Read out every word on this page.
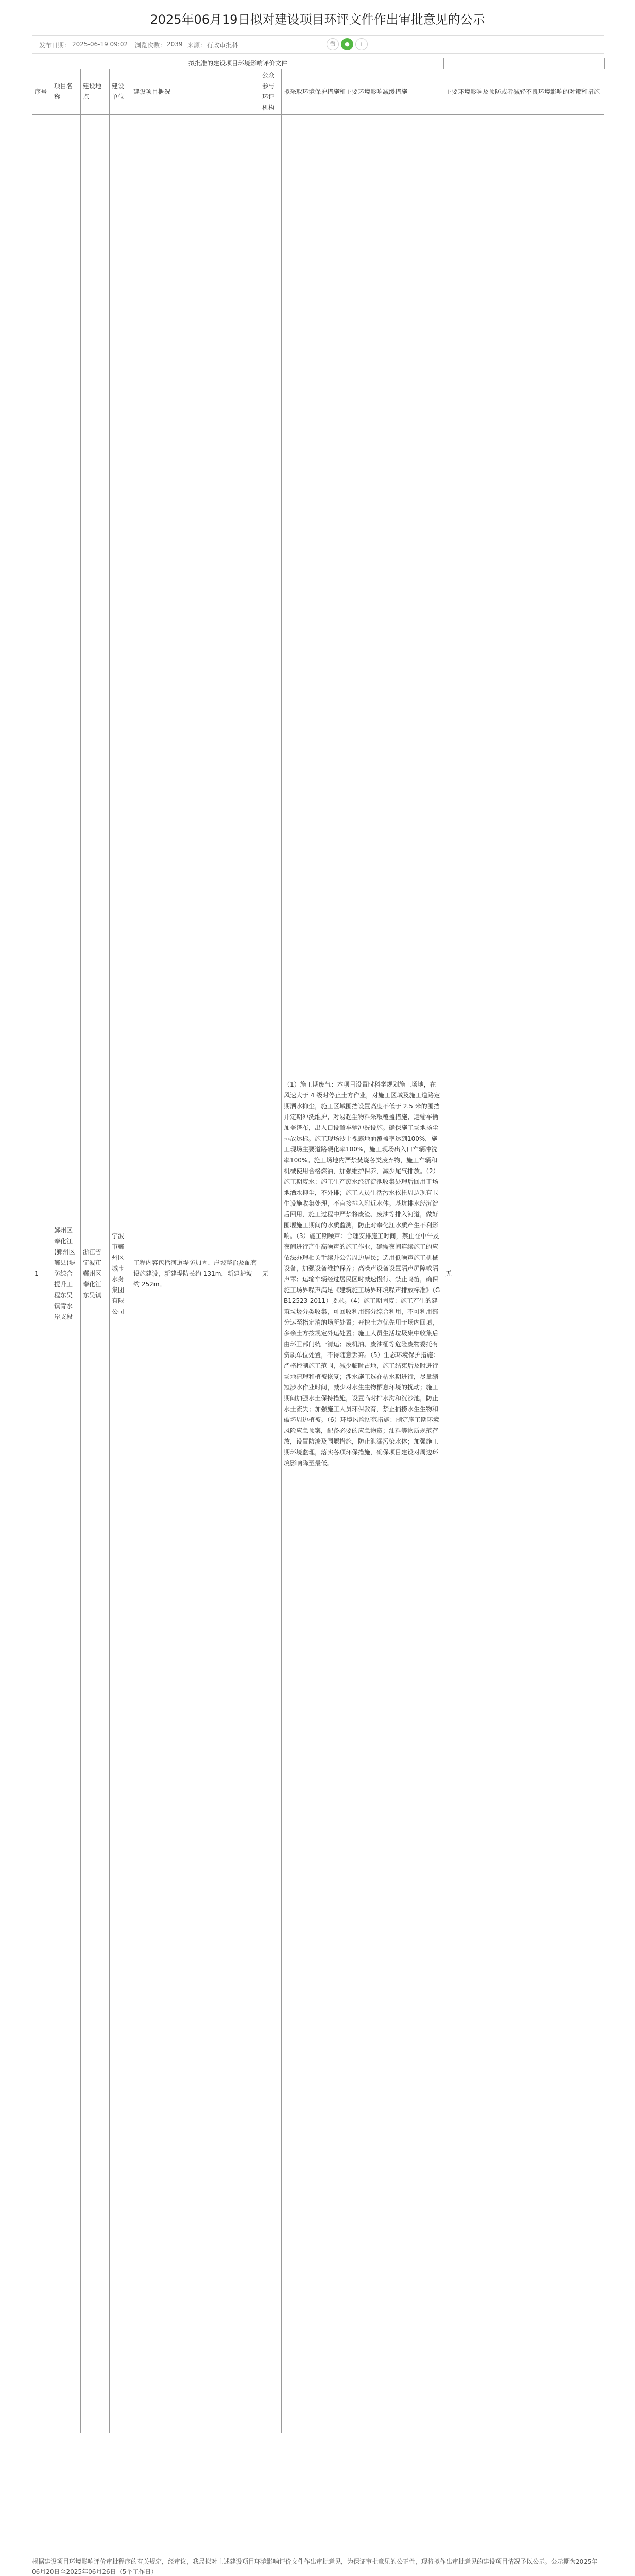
2025年06月19日拟对建设项目环评文件作出审批意见的公示
发布日期： 2025-06-19 09:02 浏览次数： 2039 来源： 行政审批科	微	●	+
拟批准的建设项目环境影响评价文件
序号	项目名称	建设地点	建设单位	建设项目概况	公众参与环评机构	拟采取环境保护措施和主要环境影响减缓措施	主要环境影响及预防或者减轻不良环境影响的对策和措施
1	鄞州区奉化江(鄞州区鄞县)堤防综合提升工程东吴镇青水岸支段	浙江省宁波市鄞州区奉化江东吴镇	宁波市鄞州区城市水务集团有限公司	工程内容包括河道堤防加固、岸坡整治及配套设施建设，新建堤防长约 131m，新建护坡约 252m。	无	（1）施工期废气：本项目设置时科学规划施工场地，在风速大于 4 级时停止土方作业，对施工区域及施工道路定期洒水抑尘，施工区域围挡设置高度不低于 2.5 米的围挡并定期冲洗维护，对易起尘物料采取覆盖措施，运输车辆加盖篷布，出入口设置车辆冲洗设施。确保施工场地扬尘排放达标。施工现场沙土裸露地面覆盖率达到100%，施工现场主要道路硬化率100%，施工现场出入口车辆冲洗率100%。施工场地内严禁焚烧各类废弃物，施工车辆和机械使用合格燃油，加强维护保养，减少尾气排放。（2）施工期废水：施工生产废水经沉淀池收集处理后回用于场地洒水抑尘，不外排；施工人员生活污水依托周边现有卫生设施收集处理，不直接排入附近水体。基坑排水经沉淀后回用，施工过程中严禁将废渣、废油等排入河道，做好围堰施工期间的水质监测，防止对奉化江水质产生不利影响。（3）施工期噪声：合理安排施工时间，禁止在中午及夜间进行产生高噪声的施工作业，确需夜间连续施工的应依法办理相关手续并公告周边居民；选用低噪声施工机械设备，加强设备维护保养；高噪声设备设置隔声屏障或隔声罩；运输车辆经过居民区时减速慢行、禁止鸣笛，确保施工场界噪声满足《建筑施工场界环境噪声排放标准》（GB12523-2011）要求。（4）施工期固废：施工产生的建筑垃圾分类收集，可回收利用部分综合利用，不可利用部分运至指定消纳场所处置；开挖土方优先用于场内回填，多余土方按规定外运处置；施工人员生活垃圾集中收集后由环卫部门统一清运；废机油、废油桶等危险废物委托有资质单位处置，不得随意丢弃。（5）生态环境保护措施：严格控制施工范围，减少临时占地，施工结束后及时进行场地清理和植被恢复；涉水施工选在枯水期进行，尽量缩短涉水作业时间，减少对水生生物栖息环境的扰动；施工期间加强水土保持措施，设置临时排水沟和沉沙池，防止水土流失；加强施工人员环保教育，禁止捕捞水生生物和破坏周边植被。（6）环境风险防范措施：制定施工期环境风险应急预案，配备必要的应急物资；油料等物质规范存放，设置防渗及围堰措施，防止泄漏污染水体；加强施工期环境监理，落实各项环保措施，确保项目建设对周边环境影响降至最低。	无
根据建设项目环境影响评价审批程序的有关规定，经审议，我局拟对上述建设项目环境影响评价文件作出审批意见，为保证审批意见的公正性，现将拟作出审批意见的建设项目情况予以公示。公示期为2025年06月20日至2025年06月26日（5个工作日）
